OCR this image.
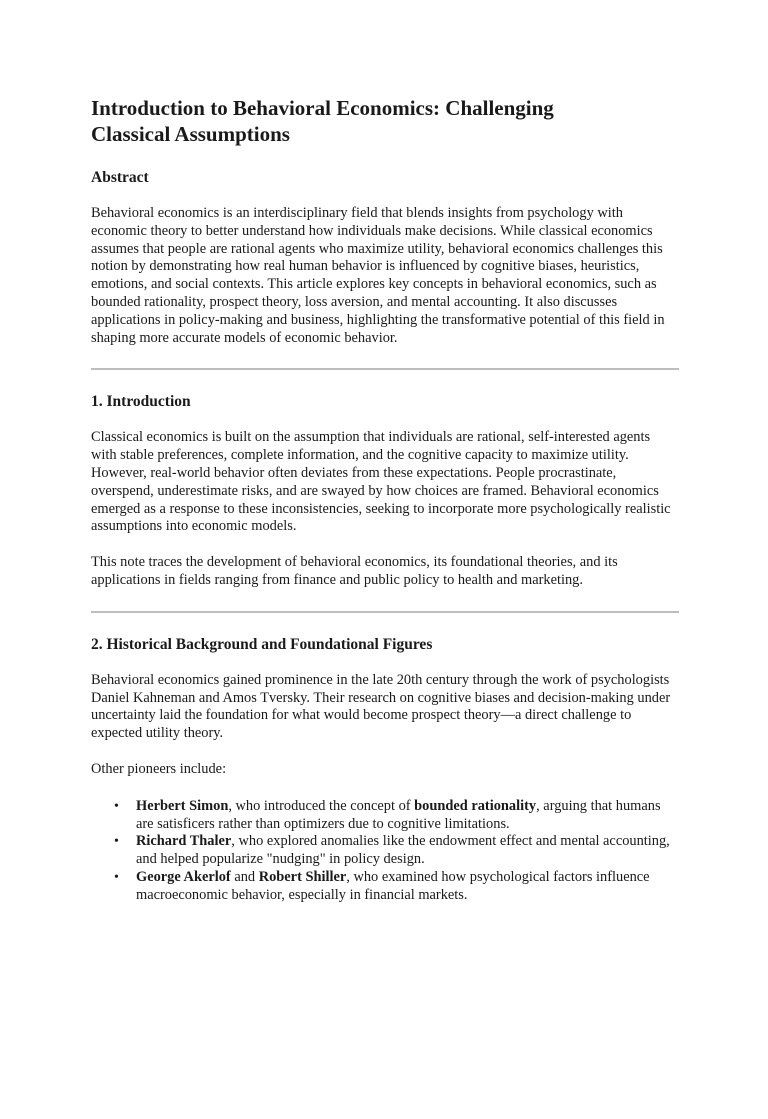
Introduction to Behavioral Economics: Challenging Classical Assumptions
Abstract

Behavioral economics is an interdisciplinary field that blends insights from psychology with economic theory to better understand how individuals make decisions. While classical economics assumes that people are rational agents who maximize utility, behavioral economics challenges this notion by demonstrating how real human behavior is influenced by cognitive biases, heuristics, emotions, and social contexts. This article explores key concepts in behavioral economics, such as bounded rationality, prospect theory, loss aversion, and mental accounting. It also discusses applications in policy-making and business, highlighting the transformative potential of this field in shaping more accurate models of economic behavior.

1. Introduction

Classical economics is built on the assumption that individuals are rational, self-interested agents with stable preferences, complete information, and the cognitive capacity to maximize utility. However, real-world behavior often deviates from these expectations. People procrastinate, overspend, underestimate risks, and are swayed by how choices are framed. Behavioral economics emerged as a response to these inconsistencies, seeking to incorporate more psychologically realistic assumptions into economic models.

This note traces the development of behavioral economics, its foundational theories, and its applications in fields ranging from finance and public policy to health and marketing.

2. Historical Background and Foundational Figures

Behavioral economics gained prominence in the late 20th century through the work of psychologists Daniel Kahneman and Amos Tversky. Their research on cognitive biases and decision-making under uncertainty laid the foundation for what would become prospect theory—a direct challenge to expected utility theory.

Other pioneers include:

• Herbert Simon, who introduced the concept of bounded rationality, arguing that humans are satisficers rather than optimizers due to cognitive limitations.
• Richard Thaler, who explored anomalies like the endowment effect and mental accounting, and helped popularize "nudging" in policy design.
• George Akerlof and Robert Shiller, who examined how psychological factors influence macroeconomic behavior, especially in financial markets.
